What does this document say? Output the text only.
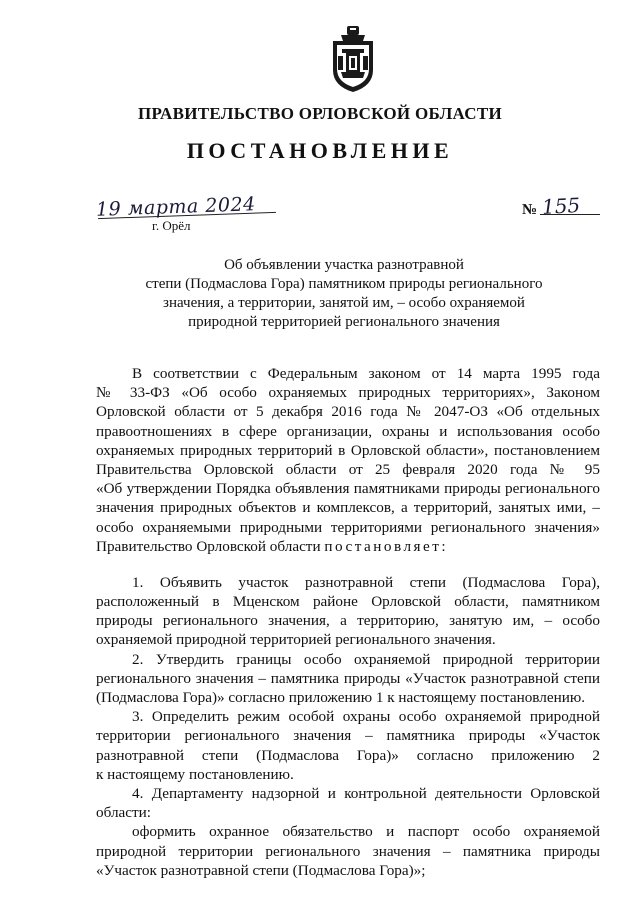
ПРАВИТЕЛЬСТВО ОРЛОВСКОЙ ОБЛАСТИ
ПОСТАНОВЛЕНИЕ
19 марта 2024
г. Орёл
№ 155
Об объявлении участка разнотравной
степи (Подмаслова Гора) памятником природы регионального
значения, а территории, занятой им, – особо охраняемой
природной территорией регионального значения
В соответствии с Федеральным законом от 14 марта 1995 года
№ 33-ФЗ «Об особо охраняемых природных территориях», Законом
Орловской области от 5 декабря 2016 года № 2047-ОЗ «Об отдельных
правоотношениях в сфере организации, охраны и использования особо
охраняемых природных территорий в Орловской области», постановлением
Правительства Орловской области от 25 февраля 2020 года № 95
«Об утверждении Порядка объявления памятниками природы регионального
значения природных объектов и комплексов, а территорий, занятых ими, –
особо охраняемыми природными территориями регионального значения»
Правительство Орловской области постановляет:
1. Объявить участок разнотравной степи (Подмаслова Гора),
расположенный в Мценском районе Орловской области, памятником
природы регионального значения, а территорию, занятую им, – особо
охраняемой природной территорией регионального значения.
2. Утвердить границы особо охраняемой природной территории
регионального значения – памятника природы «Участок разнотравной степи
(Подмаслова Гора)» согласно приложению 1 к настоящему постановлению.
3. Определить режим особой охраны особо охраняемой природной
территории регионального значения – памятника природы «Участок
разнотравной степи (Подмаслова Гора)» согласно приложению 2
к настоящему постановлению.
4. Департаменту надзорной и контрольной деятельности Орловской
области:
оформить охранное обязательство и паспорт особо охраняемой
природной территории регионального значения – памятника природы
«Участок разнотравной степи (Подмаслова Гора)»;
